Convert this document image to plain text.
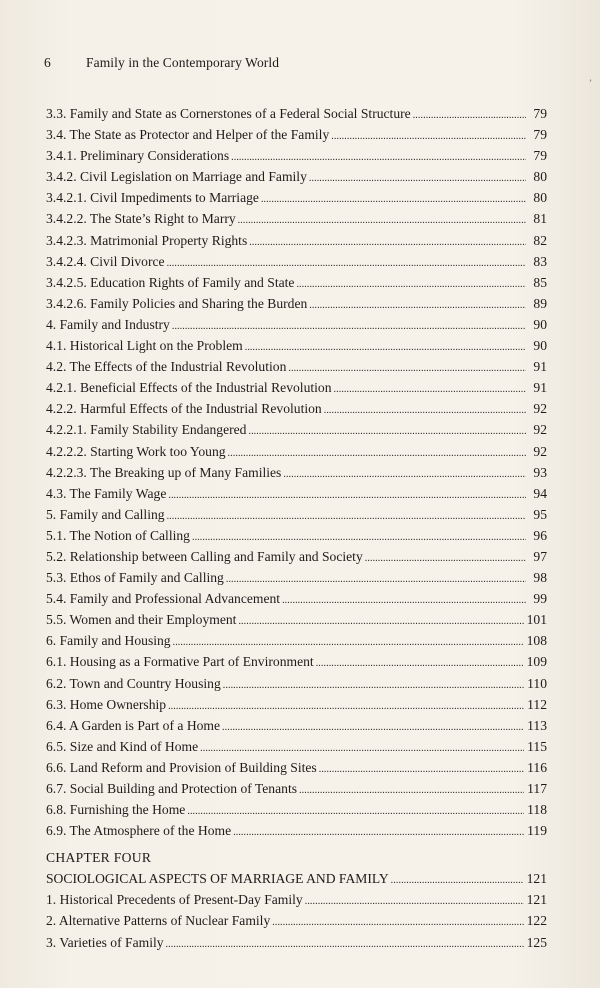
6	Family in the Contemporary World
’
3.3. Family and State as Cornerstones of a Federal Social Structure . . .	79
3.4. The State as Protector and Helper of the Family . . .	79
3.4.1. Preliminary Considerations . . .	79
3.4.2. Civil Legislation on Marriage and Family . . .	80
3.4.2.1. Civil Impediments to Marriage . . .	80
3.4.2.2. The State’s Right to Marry . . .	81
3.4.2.3. Matrimonial Property Rights . . .	82
3.4.2.4. Civil Divorce . . .	83
3.4.2.5. Education Rights of Family and State . . .	85
3.4.2.6. Family Policies and Sharing the Burden . . .	89
4. Family and Industry . . .	90
4.1. Historical Light on the Problem . . .	90
4.2. The Effects of the Industrial Revolution . . .	91
4.2.1. Beneficial Effects of the Industrial Revolution . . .	91
4.2.2. Harmful Effects of the Industrial Revolution . . .	92
4.2.2.1. Family Stability Endangered . . .	92
4.2.2.2. Starting Work too Young . . .	92
4.2.2.3. The Breaking up of Many Families . . .	93
4.3. The Family Wage . . .	94
5. Family and Calling . . .	95
5.1. The Notion of Calling . . .	96
5.2. Relationship between Calling and Family and Society . . .	97
5.3. Ethos of Family and Calling . . .	98
5.4. Family and Professional Advancement . . .	99
5.5. Women and their Employment . . .	101
6. Family and Housing . . .	108
6.1. Housing as a Formative Part of Environment . . .	109
6.2. Town and Country Housing . . .	110
6.3. Home Ownership . . .	112
6.4. A Garden is Part of a Home . . .	113
6.5. Size and Kind of Home . . .	115
6.6. Land Reform and Provision of Building Sites . . .	116
6.7. Social Building and Protection of Tenants . . .	117
6.8. Furnishing the Home . . .	118
6.9. The Atmosphere of the Home . . .	119
CHAPTER FOUR
SOCIOLOGICAL ASPECTS OF MARRIAGE AND FAMILY . . .	121
1. Historical Precedents of Present-Day Family . . .	121
2. Alternative Patterns of Nuclear Family . . .	122
3. Varieties of Family . . .	125
